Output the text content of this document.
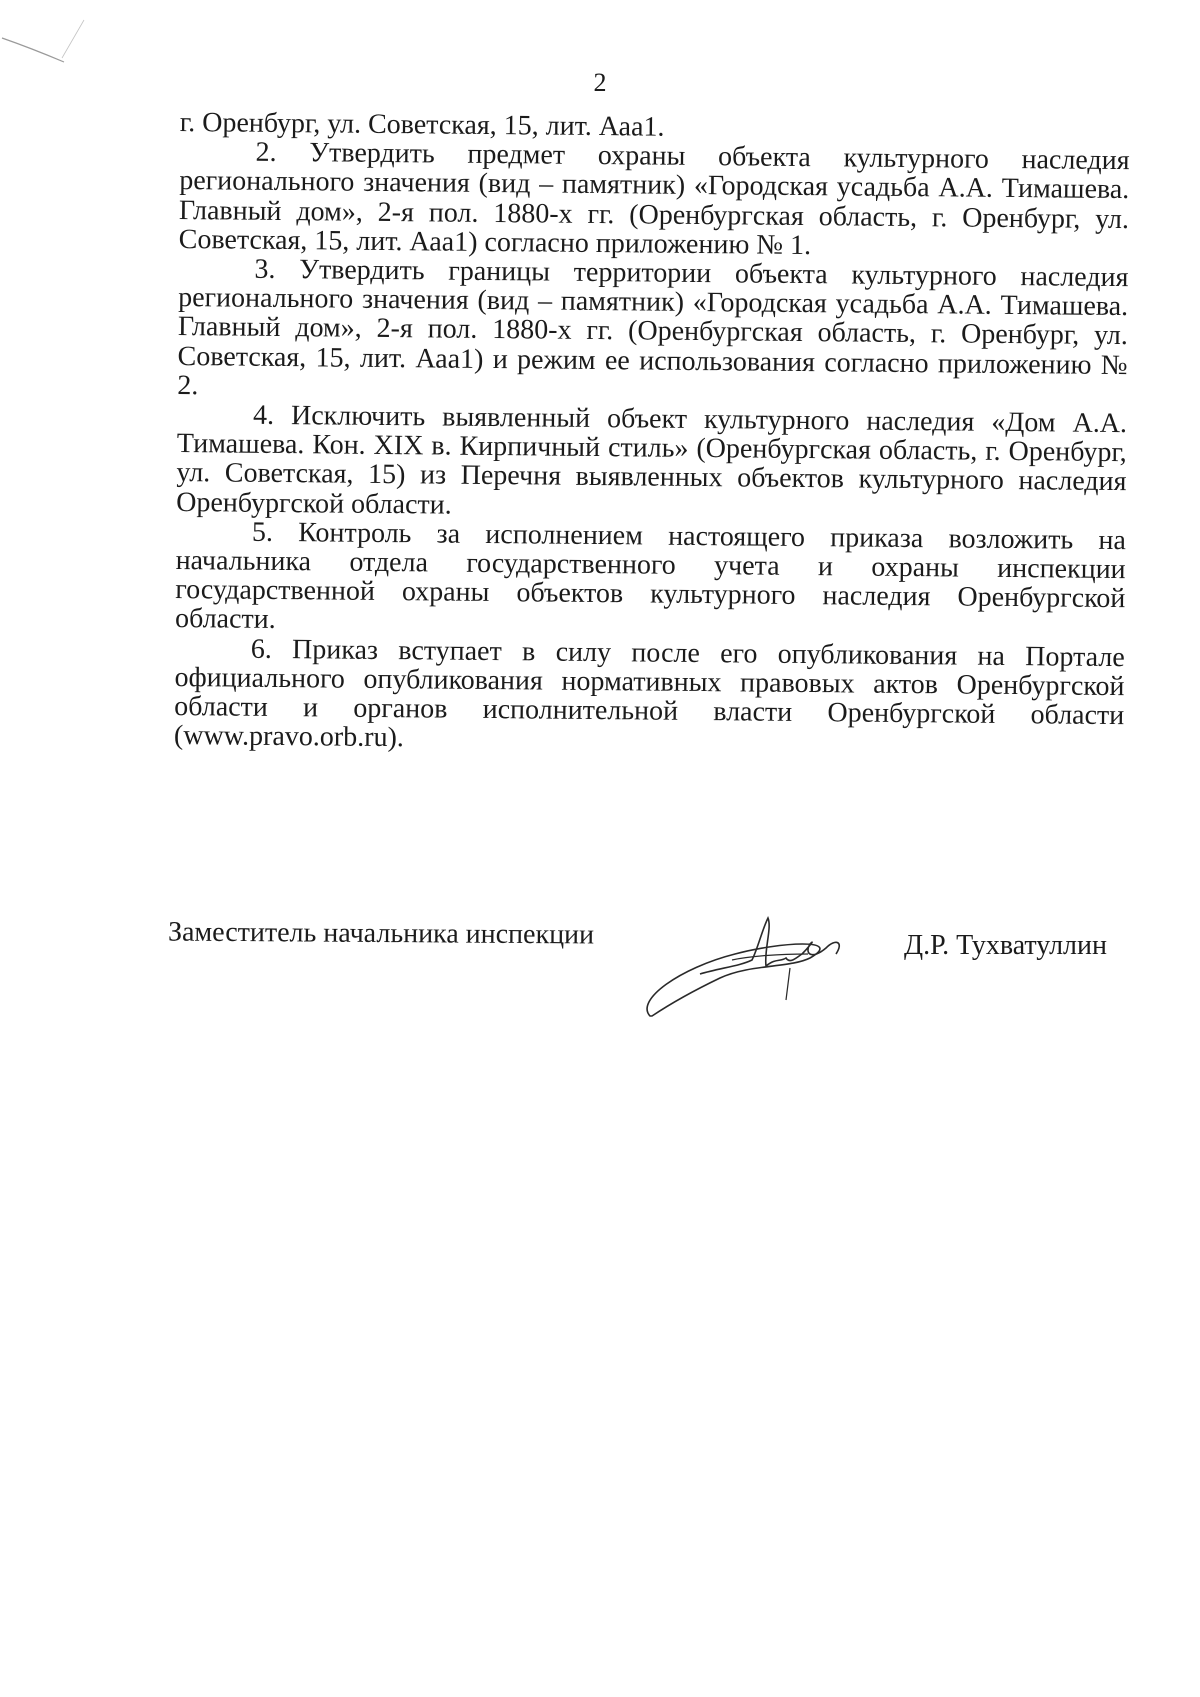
2

г. Оренбург, ул. Советская, 15, лит. Ааа1.

2. Утвердить предмет охраны объекта культурного наследия регионального значения (вид – памятник) «Городская усадьба А.А. Тимашева. Главный дом», 2-я пол. 1880-х гг. (Оренбургская область, г. Оренбург, ул. Советская, 15, лит. Ааа1) согласно приложению № 1.

3. Утвердить границы территории объекта культурного наследия регионального значения (вид – памятник) «Городская усадьба А.А. Тимашева. Главный дом», 2-я пол. 1880-х гг. (Оренбургская область, г. Оренбург, ул. Советская, 15, лит. Ааа1) и режим ее использования согласно приложению № 2.

4. Исключить выявленный объект культурного наследия «Дом А.А. Тимашева. Кон. XIX в. Кирпичный стиль» (Оренбургская область, г. Оренбург, ул. Советская, 15) из Перечня выявленных объектов культурного наследия Оренбургской области.

5. Контроль за исполнением настоящего приказа возложить на начальника отдела государственного учета и охраны инспекции государственной охраны объектов культурного наследия Оренбургской области.

6. Приказ вступает в силу после его опубликования на Портале официального опубликования нормативных правовых актов Оренбургской области и органов исполнительной власти Оренбургской области (www.pravo.orb.ru).

Заместитель начальника инспекции	Д.Р. Тухватуллин
